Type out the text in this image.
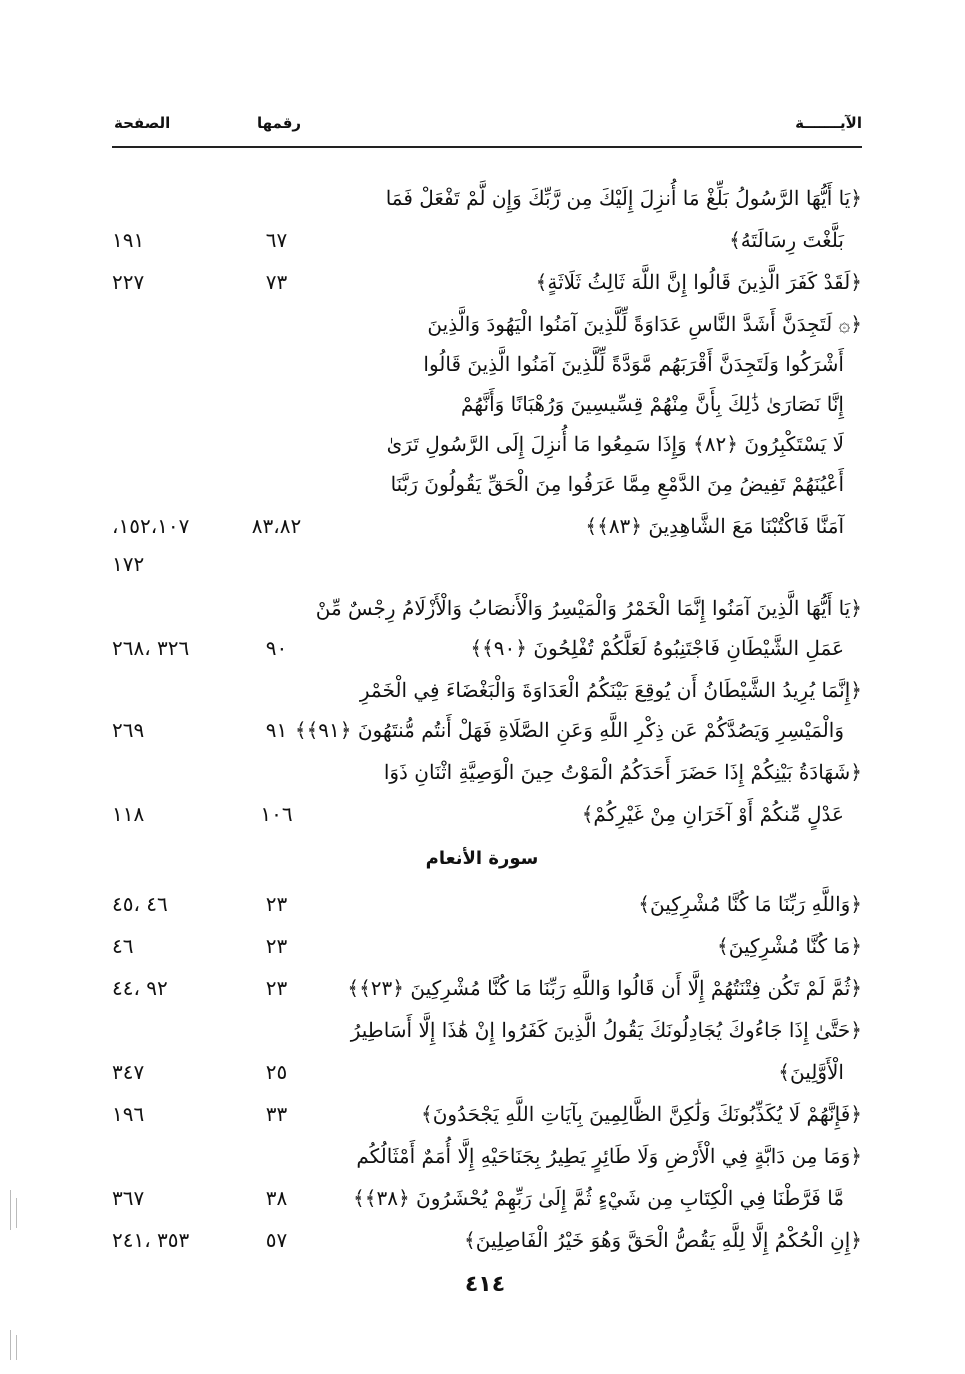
الآيـــــــة
رقمها
الصفحة
﴿يَا أَيُّهَا الرَّسُولُ بَلِّغْ مَا أُنزِلَ إِلَيْكَ مِن رَّبِّكَ وَإِن لَّمْ تَفْعَلْ فَمَا
بَلَّغْتَ رِسَالَتَهُ﴾
٦٧
١٩١
﴿لَقَدْ كَفَرَ الَّذِينَ قَالُوا إِنَّ اللَّهَ ثَالِثُ ثَلَاثَةٍ﴾
٧٣
٢٢٧
﴿۞ لَتَجِدَنَّ أَشَدَّ النَّاسِ عَدَاوَةً لِّلَّذِينَ آمَنُوا الْيَهُودَ وَالَّذِينَ
أَشْرَكُوا وَلَتَجِدَنَّ أَقْرَبَهُم مَّوَدَّةً لِّلَّذِينَ آمَنُوا الَّذِينَ قَالُوا
إِنَّا نَصَارَىٰ ذَٰلِكَ بِأَنَّ مِنْهُمْ قِسِّيسِينَ وَرُهْبَانًا وَأَنَّهُمْ
لَا يَسْتَكْبِرُونَ ﴿٨٢﴾ وَإِذَا سَمِعُوا مَا أُنزِلَ إِلَى الرَّسُولِ تَرَىٰ
أَعْيُنَهُمْ تَفِيضُ مِنَ الدَّمْعِ مِمَّا عَرَفُوا مِنَ الْحَقِّ يَقُولُونَ رَبَّنَا
آمَنَّا فَاكْتُبْنَا مَعَ الشَّاهِدِينَ ﴿٨٣﴾﴾
٨٣،٨٢
١٥٢،١٠٧،
١٧٢
﴿يَا أَيُّهَا الَّذِينَ آمَنُوا إِنَّمَا الْخَمْرُ وَالْمَيْسِرُ وَالْأَنصَابُ وَالْأَزْلَامُ رِجْسٌ مِّنْ
عَمَلِ الشَّيْطَانِ فَاجْتَنِبُوهُ لَعَلَّكُمْ تُفْلِحُونَ ﴿٩٠﴾﴾
٩٠
٣٢٦ ،٢٦٨
﴿إِنَّمَا يُرِيدُ الشَّيْطَانُ أَن يُوقِعَ بَيْنَكُمُ الْعَدَاوَةَ وَالْبَغْضَاءَ فِي الْخَمْرِ
وَالْمَيْسِرِ وَيَصُدَّكُمْ عَن ذِكْرِ اللَّهِ وَعَنِ الصَّلَاةِ فَهَلْ أَنتُم مُّنتَهُونَ ﴿٩١﴾﴾
٩١
٢٦٩
﴿شَهَادَةُ بَيْنِكُمْ إِذَا حَضَرَ أَحَدَكُمُ الْمَوْتُ حِينَ الْوَصِيَّةِ اثْنَانِ ذَوَا
عَدْلٍ مِّنكُمْ أَوْ آخَرَانِ مِنْ غَيْرِكُمْ﴾
١٠٦
١١٨
سورة الأنعام
﴿وَاللَّهِ رَبِّنَا مَا كُنَّا مُشْرِكِينَ﴾
٢٣
٤٦ ،٤٥
﴿مَا كُنَّا مُشْرِكِينَ﴾
٢٣
٤٦
﴿ثُمَّ لَمْ تَكُن فِتْنَتُهُمْ إِلَّا أَن قَالُوا وَاللَّهِ رَبِّنَا مَا كُنَّا مُشْرِكِينَ ﴿٢٣﴾﴾
٢٣
٩٢ ،٤٤
﴿حَتَّىٰ إِذَا جَاءُوكَ يُجَادِلُونَكَ يَقُولُ الَّذِينَ كَفَرُوا إِنْ هَٰذَا إِلَّا أَسَاطِيرُ
الْأَوَّلِينَ﴾
٢٥
٣٤٧
﴿فَإِنَّهُمْ لَا يُكَذِّبُونَكَ وَلَٰكِنَّ الظَّالِمِينَ بِآيَاتِ اللَّهِ يَجْحَدُونَ﴾
٣٣
١٩٦
﴿وَمَا مِن دَابَّةٍ فِي الْأَرْضِ وَلَا طَائِرٍ يَطِيرُ بِجَنَاحَيْهِ إِلَّا أُمَمٌ أَمْثَالُكُم
مَّا فَرَّطْنَا فِي الْكِتَابِ مِن شَيْءٍ ثُمَّ إِلَىٰ رَبِّهِمْ يُحْشَرُونَ ﴿٣٨﴾﴾
٣٨
٣٦٧
﴿إِنِ الْحُكْمُ إِلَّا لِلَّهِ يَقُصُّ الْحَقَّ وَهُوَ خَيْرُ الْفَاصِلِينَ﴾
٥٧
٣٥٣ ،٢٤١
٤١٤
